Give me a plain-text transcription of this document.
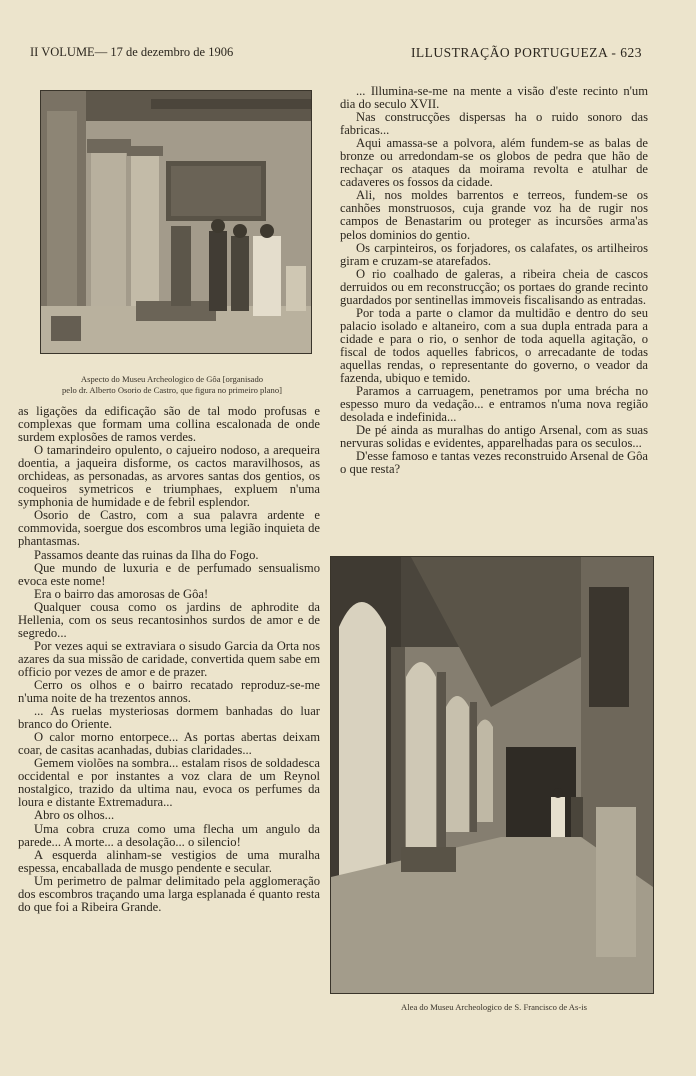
II VOLUME— 17 de dezembro de 1906	ILLUSTRAÇÃO PORTUGUEZA - 623
Aspecto do Museu Archeologico de Gôa [organisado
pelo dr. Alberto Osorio de Castro, que figura no primeiro plano]

as ligações da edificação são de tal modo profusas e complexas que formam uma collina escalonada de onde surdem explosões de ramos verdes.

O tamarindeiro opulento, o cajueiro nodoso, a arequeira doentia, a jaqueira disforme, os cactos maravilhosos, as orchideas, as personadas, as arvores santas dos gentios, os coqueiros symetricos e triumphaes, expluem n'uma symphonia de humidade e de febril esplendor.

Osorio de Castro, com a sua palavra ardente e commovida, soergue dos escombros uma legião inquieta de phantasmas.

Passamos deante das ruinas da Ilha do Fogo.

Que mundo de luxuria e de perfumado sensualismo evoca este nome!

Era o bairro das amorosas de Gôa!

Qualquer cousa como os jardins de aphrodite da Hellenia, com os seus recantosinhos surdos de amor e de segredo...

Por vezes aqui se extraviara o sisudo Garcia da Orta nos azares da sua missão de caridade, convertida quem sabe em officio por vezes de amor e de prazer.

Cerro os olhos e o bairro recatado reproduz-se-me n'uma noite de ha trezentos annos.

... As ruelas mysteriosas dormem banhadas do luar branco do Oriente.

O calor morno entorpece... As portas abertas deixam coar, de casitas acanhadas, dubias claridades...

Gemem violões na sombra... estalam risos de soldadesca occidental e por instantes a voz clara de um Reynol nostalgico, trazido da ultima nau, evoca os perfumes da loura e distante Extremadura...

Abro os olhos...

Uma cobra cruza como uma flecha um angulo da parede... A morte... a desolação... o silencio!

A esquerda alinham-se vestigios de uma muralha espessa, encaballada de musgo pendente e secular.

Um perimetro de palmar delimitado pela agglomeração dos escombros traçando uma larga esplanada é quanto resta do que foi a Ribeira Grande.

... Illumina-se-me na mente a visão d'este recinto n'um dia do seculo XVII.

Nas construcções dispersas ha o ruido sonoro das fabricas...

Aqui amassa-se a polvora, além fundem-se as balas de bronze ou arredondam-se os globos de pedra que hão de rechaçar os ataques da moirama revolta e atulhar de cadaveres os fossos da cidade.

Ali, nos moldes barrentos e terreos, fundem-se os canhões monstruosos, cuja grande voz ha de rugir nos campos de Benastarim ou proteger as incursões arma'as pelos dominios do gentio.

Os carpinteiros, os forjadores, os calafates, os artilheiros giram e cruzam-se atarefados.

O rio coalhado de galeras, a ribeira cheia de cascos derruidos ou em reconstrucção; os portaes do grande recinto guardados por sentinellas immoveis fiscalisando as entradas.

Por toda a parte o clamor da multidão e dentro do seu palacio isolado e altaneiro, com a sua dupla entrada para a cidade e para o rio, o senhor de toda aquella agitação, o fiscal de todos aquelles fabricos, o arrecadante de todas aquellas rendas, o representante do governo, o veador da fazenda, ubiquo e temido.

Paramos a carruagem, penetramos por uma brécha no espesso muro da vedação... e entramos n'uma nova região desolada e indefinida...

De pé ainda as muralhas do antigo Arsenal, com as suas nervuras solidas e evidentes, apparelhadas para os seculos...

D'esse famoso e tantas vezes reconstruido Arsenal de Gôa o que resta?

Alea do Museu Archeologico de S. Francisco de As-is
